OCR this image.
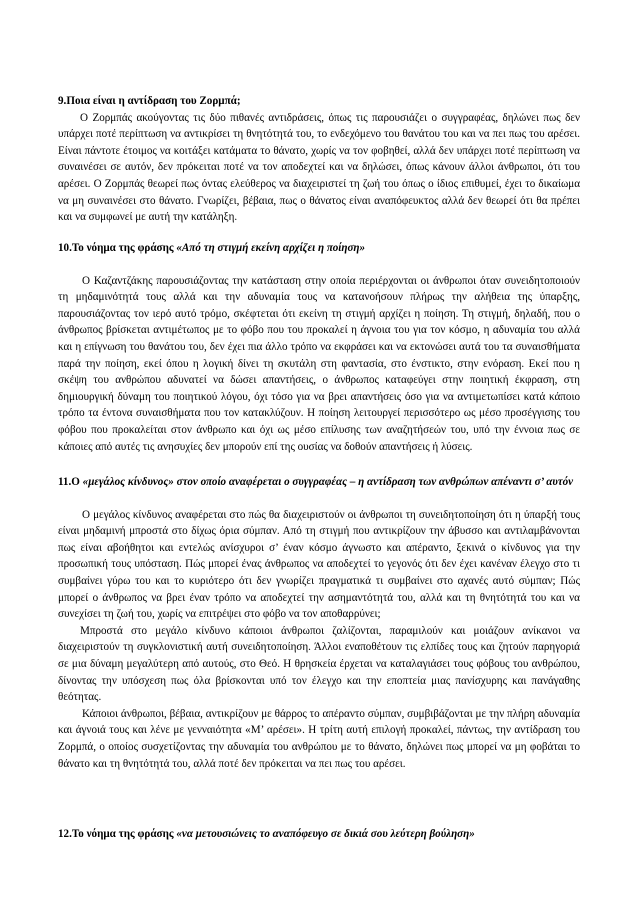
9.Ποια είναι η αντίδραση του Ζορμπά;

Ο Ζορμπάς ακούγοντας τις δύο πιθανές αντιδράσεις, όπως τις παρουσιάζει ο συγγραφέας, δηλώνει πως δεν υπάρχει ποτέ περίπτωση να αντικρίσει τη θνητότητά του, το ενδεχόμενο του θανάτου του και να πει πως του αρέσει. Είναι πάντοτε έτοιμος να κοιτάξει κατάματα το θάνατο, χωρίς να τον φοβηθεί, αλλά δεν υπάρχει ποτέ περίπτωση να συναινέσει σε αυτόν, δεν πρόκειται ποτέ να τον αποδεχτεί και να δηλώσει, όπως κάνουν άλλοι άνθρωποι, ότι του αρέσει. Ο Ζορμπάς θεωρεί πως όντας ελεύθερος να διαχειριστεί τη ζωή του όπως ο ίδιος επιθυμεί, έχει το δικαίωμα να μη συναινέσει στο θάνατο. Γνωρίζει, βέβαια, πως ο θάνατος είναι αναπόφευκτος αλλά δεν θεωρεί ότι θα πρέπει και να συμφωνεί με αυτή την κατάληξη.

10.Το νόημα της φράσης «Από τη στιγμή εκείνη αρχίζει η ποίηση»

Ο Καζαντζάκης παρουσιάζοντας την κατάσταση στην οποία περιέρχονται οι άνθρωποι όταν συνειδητοποιούν τη μηδαμινότητά τους αλλά και την αδυναμία τους να κατανοήσουν πλήρως την αλήθεια της ύπαρξης, παρουσιάζοντας τον ιερό αυτό τρόμο, σκέφτεται ότι εκείνη τη στιγμή αρχίζει η ποίηση. Τη στιγμή, δηλαδή, που ο άνθρωπος βρίσκεται αντιμέτωπος με το φόβο που του προκαλεί η άγνοια του για τον κόσμο, η αδυναμία του αλλά και η επίγνωση του θανάτου του, δεν έχει πια άλλο τρόπο να εκφράσει και να εκτονώσει αυτά του τα συναισθήματα παρά την ποίηση, εκεί όπου η λογική δίνει τη σκυτάλη στη φαντασία, στο ένστικτο, στην ενόραση. Εκεί που η σκέψη του ανθρώπου αδυνατεί να δώσει απαντήσεις, ο άνθρωπος καταφεύγει στην ποιητική έκφραση, στη δημιουργική δύναμη του ποιητικού λόγου, όχι τόσο για να βρει απαντήσεις όσο για να αντιμετωπίσει κατά κάποιο τρόπο τα έντονα συναισθήματα που τον κατακλύζουν. Η ποίηση λειτουργεί περισσότερο ως μέσο προσέγγισης του φόβου που προκαλείται στον άνθρωπο και όχι ως μέσο επίλυσης των αναζητήσεών του, υπό την έννοια πως σε κάποιες από αυτές τις ανησυχίες δεν μπορούν επί της ουσίας να δοθούν απαντήσεις ή λύσεις.

11.Ο «μεγάλος κίνδυνος» στον οποίο αναφέρεται ο συγγραφέας – η αντίδραση των ανθρώπων απέναντι σ’ αυτόν

Ο μεγάλος κίνδυνος αναφέρεται στο πώς θα διαχειριστούν οι άνθρωποι τη συνειδητοποίηση ότι η ύπαρξή τους είναι μηδαμινή μπροστά στο δίχως όρια σύμπαν. Από τη στιγμή που αντικρίζουν την άβυσσο και αντιλαμβάνονται πως είναι αβοήθητοι και εντελώς ανίσχυροι σ’ έναν κόσμο άγνωστο και απέραντο, ξεκινά ο κίνδυνος για την προσωπική τους υπόσταση. Πώς μπορεί ένας άνθρωπος να αποδεχτεί το γεγονός ότι δεν έχει κανέναν έλεγχο στο τι συμβαίνει γύρω του και το κυριότερο ότι δεν γνωρίζει πραγματικά τι συμβαίνει στο αχανές αυτό σύμπαν; Πώς μπορεί ο άνθρωπος να βρει έναν τρόπο να αποδεχτεί την ασημαντότητά του, αλλά και τη θνητότητά του και να συνεχίσει τη ζωή του, χωρίς να επιτρέψει στο φόβο να τον αποθαρρύνει;

Μπροστά στο μεγάλο κίνδυνο κάποιοι άνθρωποι ζαλίζονται, παραμιλούν και μοιάζουν ανίκανοι να διαχειριστούν τη συγκλονιστική αυτή συνειδητοποίηση. Άλλοι εναποθέτουν τις ελπίδες τους και ζητούν παρηγοριά σε μια δύναμη μεγαλύτερη από αυτούς, στο Θεό. Η θρησκεία έρχεται να καταλαγιάσει τους φόβους του ανθρώπου, δίνοντας την υπόσχεση πως όλα βρίσκονται υπό τον έλεγχο και την εποπτεία μιας πανίσχυρης και πανάγαθης θεότητας.

Κάποιοι άνθρωποι, βέβαια, αντικρίζουν με θάρρος το απέραντο σύμπαν, συμβιβάζονται με την πλήρη αδυναμία και άγνοιά τους και λένε με γενναιότητα «Μ’ αρέσει». Η τρίτη αυτή επιλογή προκαλεί, πάντως, την αντίδραση του Ζορμπά, ο οποίος συσχετίζοντας την αδυναμία του ανθρώπου με το θάνατο, δηλώνει πως μπορεί να μη φοβάται το θάνατο και τη θνητότητά του, αλλά ποτέ δεν πρόκειται να πει πως του αρέσει.

12.Το νόημα της φράσης «να μετουσιώνεις το αναπόφευγο σε δικιά σου λεύτερη βούληση»
